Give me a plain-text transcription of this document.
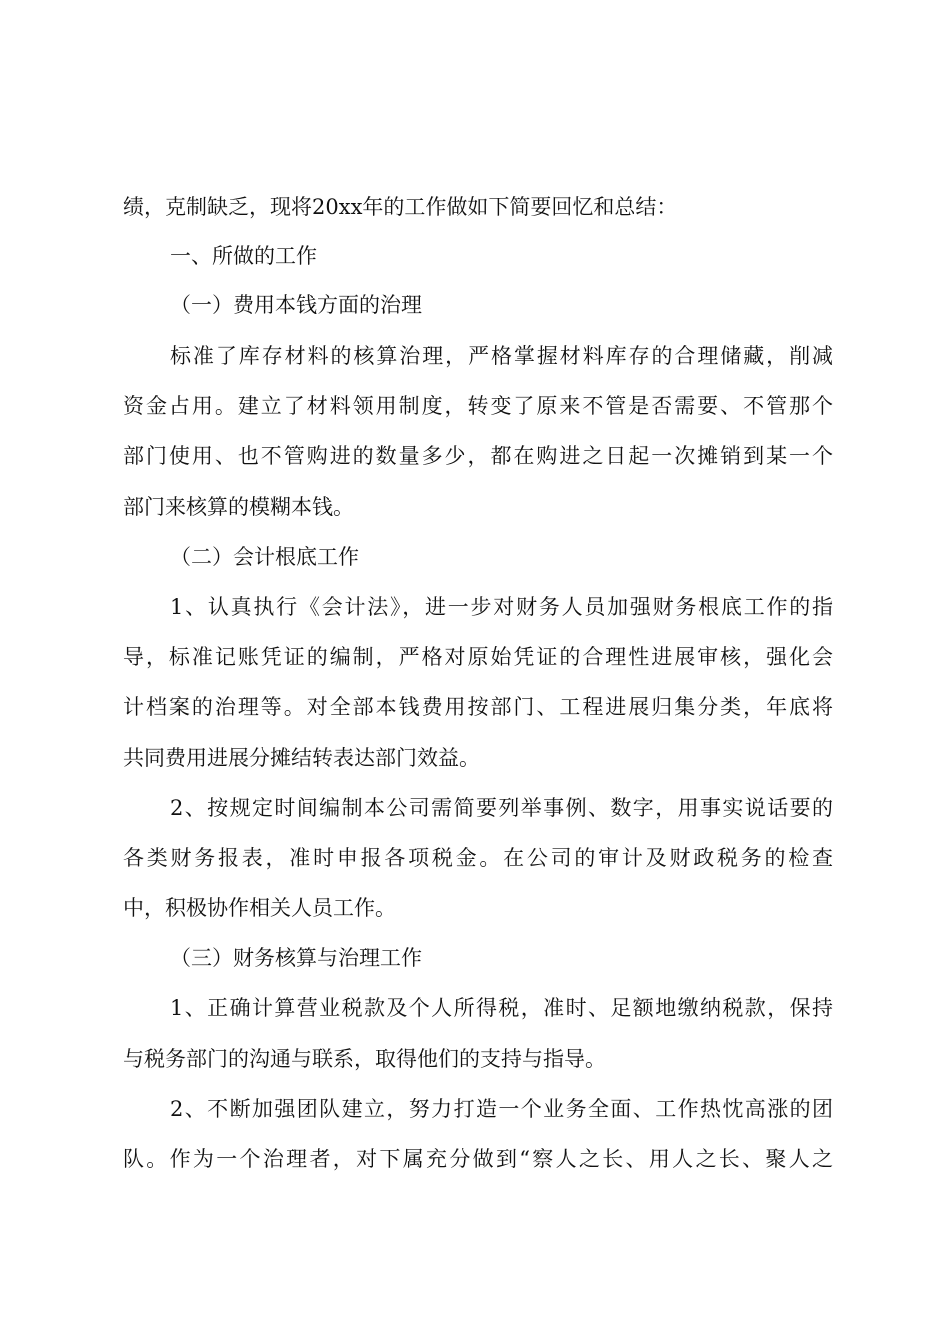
绩，克制缺乏，现将20xx年的工作做如下简要回忆和总结：
一、所做的工作
（一）费用本钱方面的治理
标准了库存材料的核算治理，严格掌握材料库存的合理储藏，削减
资金占用。建立了材料领用制度，转变了原来不管是否需要、不管那个
部门使用、也不管购进的数量多少，都在购进之日起一次摊销到某一个
部门来核算的模糊本钱。
（二）会计根底工作
1、认真执行《会计法》，进一步对财务人员加强财务根底工作的指
导，标准记账凭证的编制，严格对原始凭证的合理性进展审核，强化会
计档案的治理等。对全部本钱费用按部门、工程进展归集分类，年底将
共同费用进展分摊结转表达部门效益。
2、按规定时间编制本公司需简要列举事例、数字，用事实说话要的
各类财务报表，准时申报各项税金。在公司的审计及财政税务的检查
中，积极协作相关人员工作。
（三）财务核算与治理工作
1、正确计算营业税款及个人所得税，准时、足额地缴纳税款，保持
与税务部门的沟通与联系，取得他们的支持与指导。
2、不断加强团队建立，努力打造一个业务全面、工作热忱高涨的团
队。作为一个治理者，对下属充分做到“察人之长、用人之长、聚人之
